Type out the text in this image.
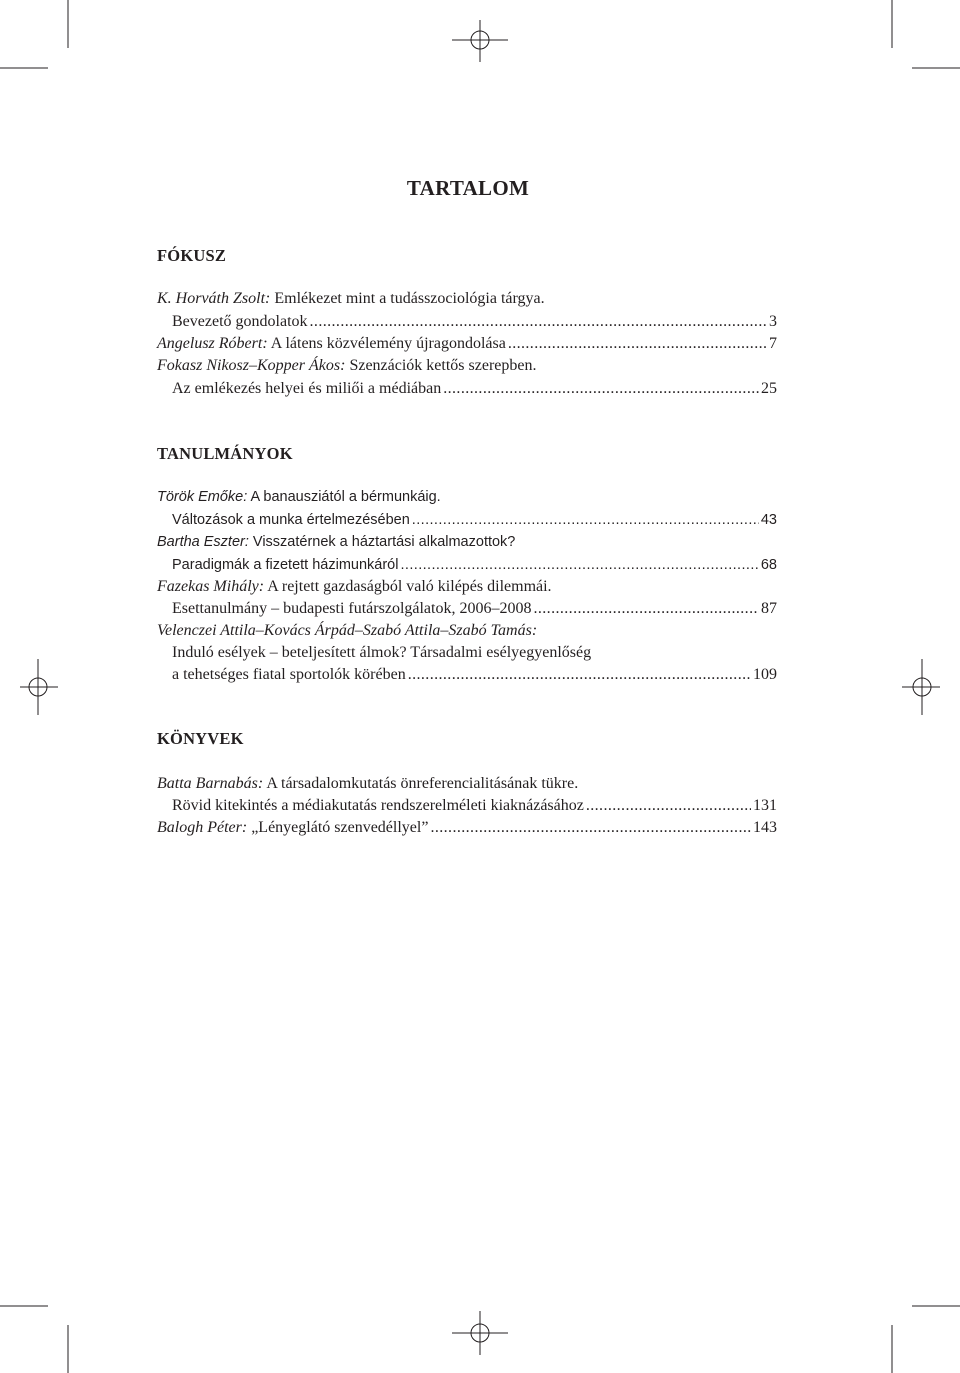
TARTALOM
FÓKUSZ
K. Horváth Zsolt: Emlékezet mint a tudásszociológia tárgya.
Bevezető gondolatok .....	3
Angelusz Róbert: A látens közvélemény újragondolása .....	7
Fokasz Nikosz–Kopper Ákos: Szenzációk kettős szerepben.
Az emlékezés helyei és miliői a médiában .....	25
TANULMÁNYOK
Török Emőke: A banausziától a bérmunkáig.
Változások a munka értelmezésében .....	43
Bartha Eszter: Visszatérnek a háztartási alkalmazottok?
Paradigmák a fizetett házimunkáról .....	68
Fazekas Mihály: A rejtett gazdaságból való kilépés dilemmái.
Esettanulmány – budapesti futárszolgálatok, 2006–2008 .....	87
Velenczei Attila–Kovács Árpád–Szabó Attila–Szabó Tamás:
Induló esélyek – beteljesített álmok? Társadalmi esélyegyenlőség
a tehetséges fiatal sportolók körében .....	109
KÖNYVEK
Batta Barnabás: A társadalomkutatás önreferencialitásának tükre.
Rövid kitekintés a médiakutatás rendszerelméleti kiaknázásához .....	131
Balogh Péter: „Lényeglátó szenvedéllyel” .....	143
